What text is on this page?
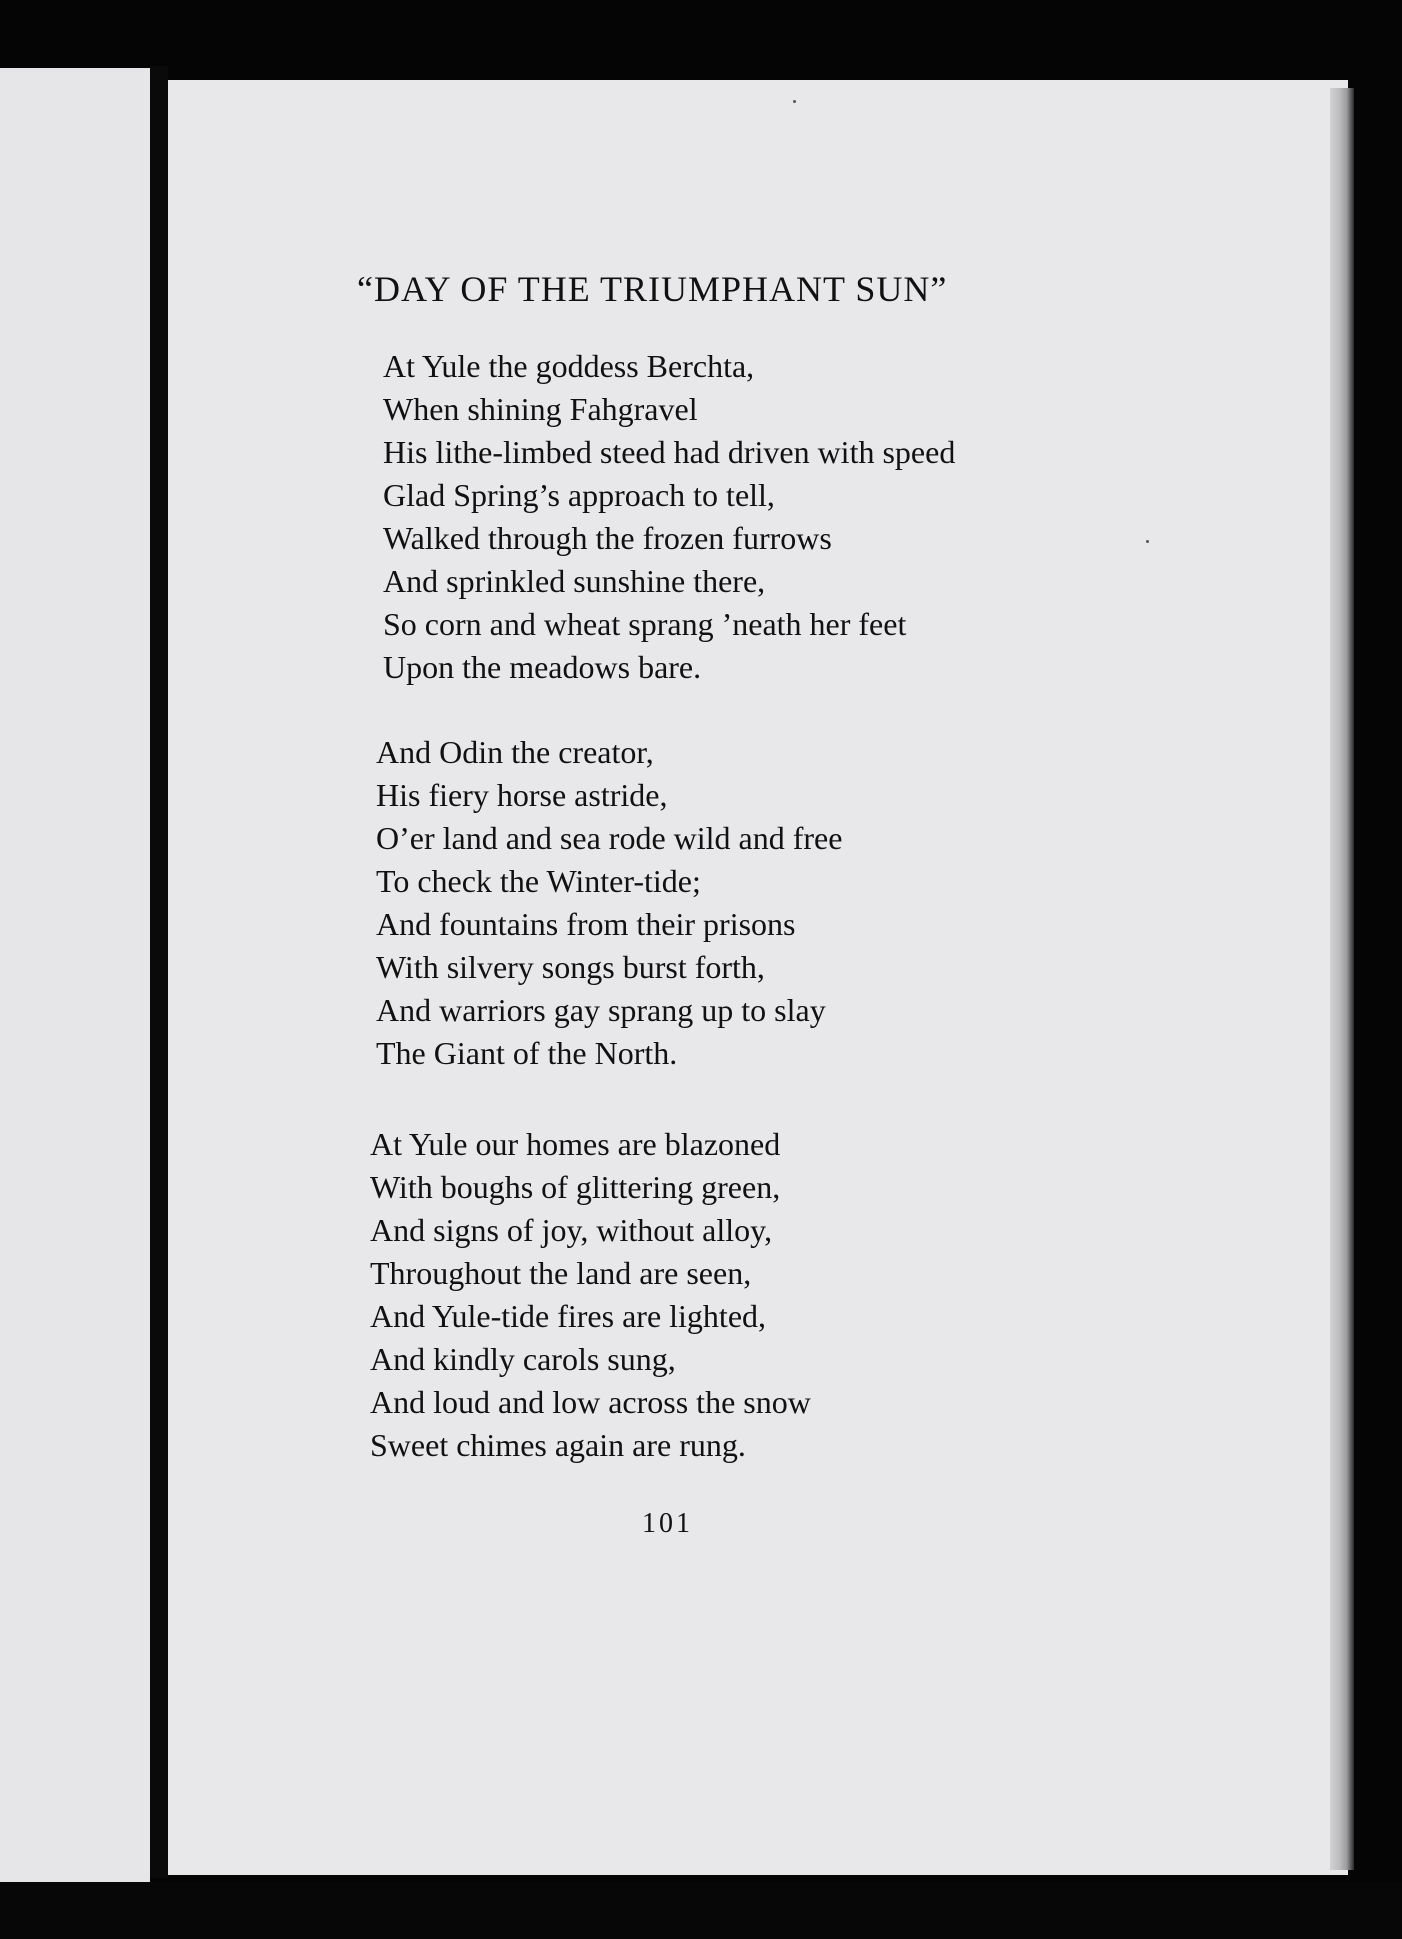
“DAY OF THE TRIUMPHANT SUN”
At Yule the goddess Berchta,
When shining Fahgravel
His lithe-limbed steed had driven with speed
Glad Spring’s approach to tell,
Walked through the frozen furrows
And sprinkled sunshine there,
So corn and wheat sprang ’neath her feet
Upon the meadows bare.
And Odin the creator,
His fiery horse astride,
O’er land and sea rode wild and free
To check the Winter-tide;
And fountains from their prisons
With silvery songs burst forth,
And warriors gay sprang up to slay
The Giant of the North.
At Yule our homes are blazoned
With boughs of glittering green,
And signs of joy, without alloy,
Throughout the land are seen,
And Yule-tide fires are lighted,
And kindly carols sung,
And loud and low across the snow
Sweet chimes again are rung.
101
